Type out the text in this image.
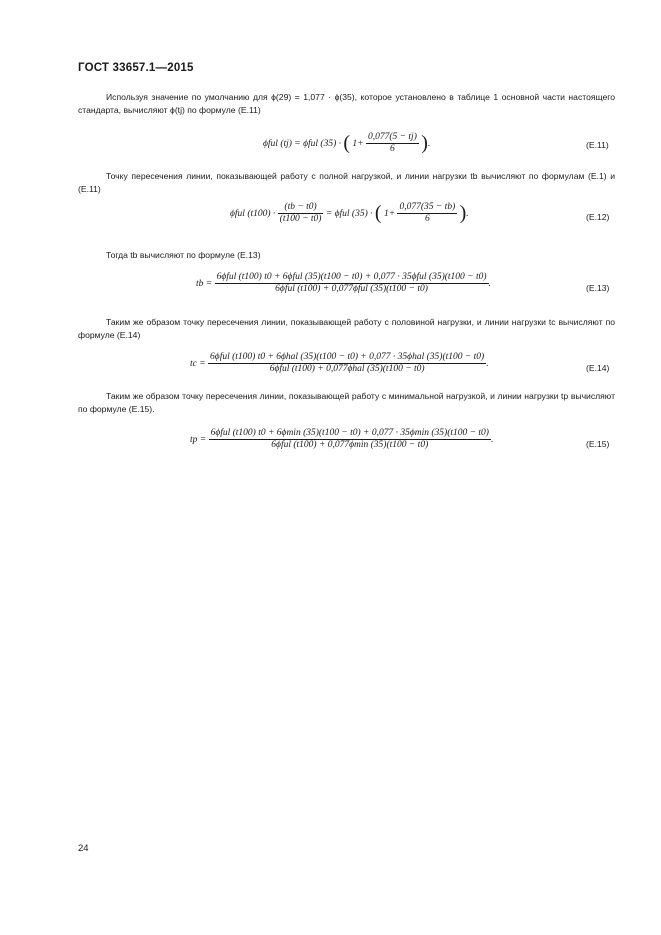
ГОСТ 33657.1—2015
Используя значение по умолчанию для ϕ(29) = 1,077 · ϕ(35), которое установлено в таблице 1 основной части настоящего стандарта, вычисляют ϕ(tj) по формуле (Е.11)
ϕful (tj) = ϕful (35) · ( $1+ \frac{0,077(5 - tj)}{6}$ ).	(E.11)
Точку пересечения линии, показывающей работу с полной нагрузкой, и линии нагрузки tb вычисляют по формулам (Е.1) и (Е.11)
ϕful $(t100) \cdot \frac{(tb - t0)}{(t100 - t0)} = \phi ful$ (35) · ( $1+ \frac{0,077(35 - tb)}{6}$ ).	(E.12)
Тогда tb вычисляют по формуле (Е.13)
tb =
6ϕful (t100) t0 + 6ϕful (35)(t100 − t0) + 0,077 · 35ϕful (35)(t100 − t0)
6ϕful (t100) + 0,077ϕful (35)(t100 − t0)
.	(E.13)
Таким же образом точку пересечения линии, показывающей работу с половиной нагрузки, и линии нагрузки tc вычисляют по формуле (Е.14)
tc =
6ϕful (t100) t0 + 6ϕhal (35)(t100 − t0) + 0,077 · 35ϕhal (35)(t100 − t0)
6ϕful (t100) + 0,077ϕhal (35)(t100 − t0)
.	(E.14)
Таким же образом точку пересечения линии, показывающей работу с минимальной нагрузкой, и линии нагрузки tp вычисляют по формуле (Е.15).
tp =
6ϕful (t100) t0 + 6ϕmin (35)(t100 − t0) + 0,077 · 35ϕmin (35)(t100 − t0)
6ϕful (t100) + 0,077ϕmin (35)(t100 − t0)
.	(E.15)
24
